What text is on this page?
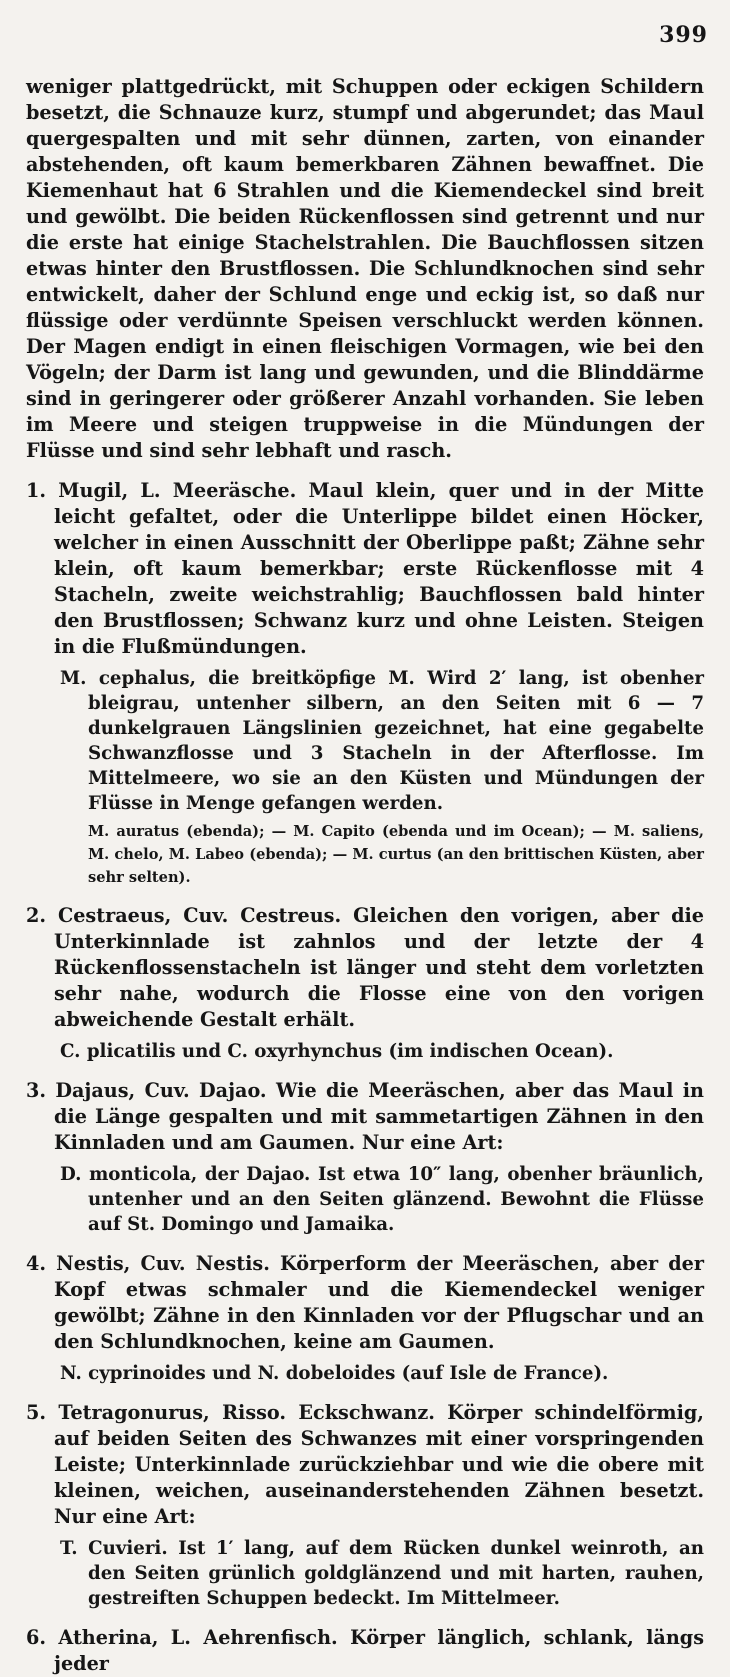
399

weniger plattgedrückt, mit Schuppen oder eckigen Schildern besetzt, die Schnauze kurz, stumpf und abgerundet; das Maul quergespalten und mit sehr dünnen, zarten, von einander abstehenden, oft kaum bemerkbaren Zähnen bewaffnet. Die Kiemenhaut hat 6 Strahlen und die Kiemendeckel sind breit und gewölbt. Die beiden Rückenflossen sind getrennt und nur die erste hat einige Stachelstrahlen. Die Bauchflossen sitzen etwas hinter den Brustflossen. Die Schlundknochen sind sehr entwickelt, daher der Schlund enge und eckig ist, so daß nur flüssige oder verdünnte Speisen verschluckt werden können. Der Magen endigt in einen fleischigen Vormagen, wie bei den Vögeln; der Darm ist lang und gewunden, und die Blinddärme sind in geringerer oder größerer Anzahl vorhanden. Sie leben im Meere und steigen truppweise in die Mündungen der Flüsse und sind sehr lebhaft und rasch.

1. Mugil, L. Meeräsche. Maul klein, quer und in der Mitte leicht gefaltet, oder die Unterlippe bildet einen Höcker, welcher in einen Ausschnitt der Oberlippe paßt; Zähne sehr klein, oft kaum bemerkbar; erste Rückenflosse mit 4 Stacheln, zweite weichstrahlig; Bauchflossen bald hinter den Brustflossen; Schwanz kurz und ohne Leisten. Steigen in die Flußmündungen.

M. cephalus, die breitköpfige M. Wird 2′ lang, ist obenher bleigrau, untenher silbern, an den Seiten mit 6 — 7 dunkelgrauen Längslinien gezeichnet, hat eine gegabelte Schwanzflosse und 3 Stacheln in der Afterflosse. Im Mittelmeere, wo sie an den Küsten und Mündungen der Flüsse in Menge gefangen werden.

M. auratus (ebenda); — M. Capito (ebenda und im Ocean); — M. saliens, M. chelo, M. Labeo (ebenda); — M. curtus (an den brittischen Küsten, aber sehr selten).

2. Cestraeus, Cuv. Cestreus. Gleichen den vorigen, aber die Unterkinnlade ist zahnlos und der letzte der 4 Rückenflossenstacheln ist länger und steht dem vorletzten sehr nahe, wodurch die Flosse eine von den vorigen abweichende Gestalt erhält.

C. plicatilis und C. oxyrhynchus (im indischen Ocean).

3. Dajaus, Cuv. Dajao. Wie die Meeräschen, aber das Maul in die Länge gespalten und mit sammetartigen Zähnen in den Kinnladen und am Gaumen. Nur eine Art:

D. monticola, der Dajao. Ist etwa 10″ lang, obenher bräunlich, untenher und an den Seiten glänzend. Bewohnt die Flüsse auf St. Domingo und Jamaika.

4. Nestis, Cuv. Nestis. Körperform der Meeräschen, aber der Kopf etwas schmaler und die Kiemendeckel weniger gewölbt; Zähne in den Kinnladen vor der Pflugschar und an den Schlundknochen, keine am Gaumen.

N. cyprinoides und N. dobeloides (auf Isle de France).

5. Tetragonurus, Risso. Eckschwanz. Körper schindelförmig, auf beiden Seiten des Schwanzes mit einer vorspringenden Leiste; Unterkinnlade zurückziehbar und wie die obere mit kleinen, weichen, auseinanderstehenden Zähnen besetzt. Nur eine Art:

T. Cuvieri. Ist 1′ lang, auf dem Rücken dunkel weinroth, an den Seiten grünlich goldglänzend und mit harten, rauhen, gestreiften Schuppen bedeckt. Im Mittelmeer.

6. Atherina, L. Aehrenfisch. Körper länglich, schlank, längs jeder
